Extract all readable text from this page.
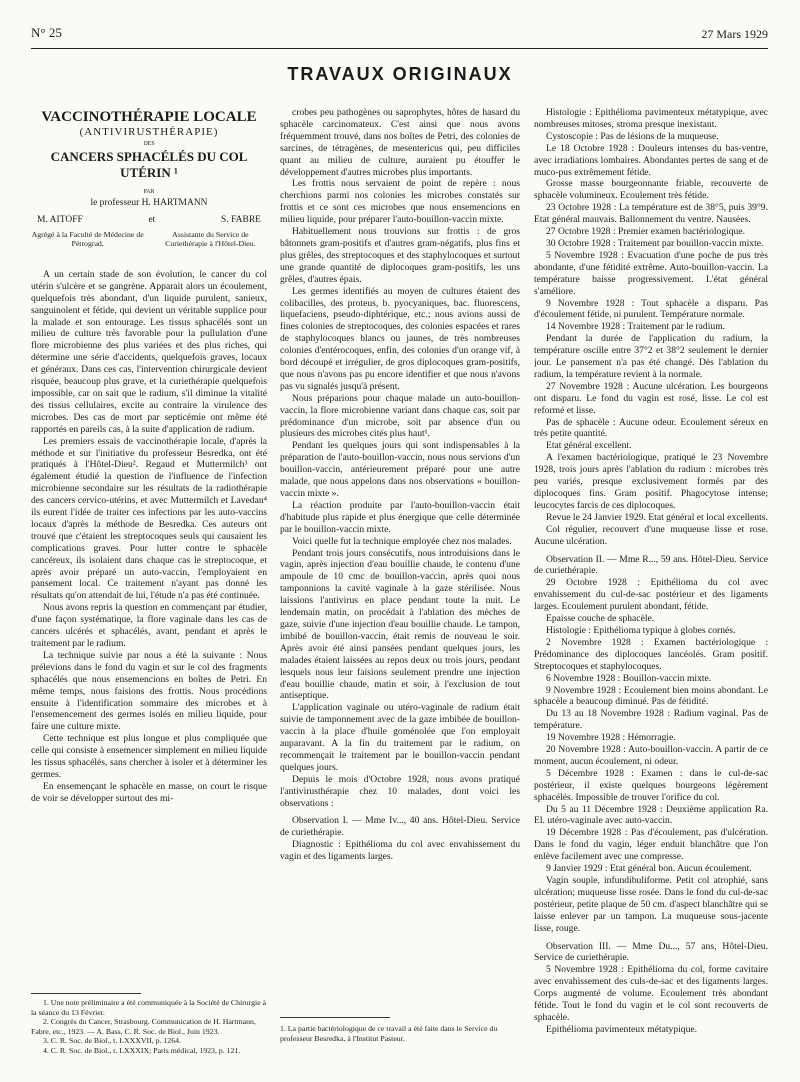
N° 25	27 Mars 1929
TRAVAUX ORIGINAUX
VACCINOTHÉRAPIE LOCALE
(ANTIVIRUSTHÉRAPIE)
DES
CANCERS SPHACÉLÉS DU COL UTÉRIN ¹
PAR
le professeur H. HARTMANN
M. AITOFF	et	S. FABRE
Agrégé à la Faculté de Médecine de Pétrograd,
Assistante du Service de Curiethérapie à l'Hôtel-Dieu.

A un certain stade de son évolution, le cancer du col utérin s'ulcère et se gangrène. Apparait alors un écoulement, quelquefois très abondant, d'un liquide purulent, sanieux, sanguinolent et fétide, qui devient un véritable supplice pour la malade et son entourage. Les tissus sphacélés sont un milieu de culture très favorable pour la pullulation d'une flore microbienne des plus variées et des plus riches, qui détermine une série d'accidents, quelquefois graves, locaux et généraux. Dans ces cas, l'intervention chirurgicale devient risquée, beaucoup plus grave, et la curiethérapie quelquefois impossible, car on sait que le radium, s'il diminue la vitalité des tissus cellulaires, excite au contraire la virulence des microbes. Des cas de mort par septicémie ont même été rapportés en pareils cas, à la suite d'application de radium.

Les premiers essais de vaccinothérapie locale, d'après la méthode et sur l'initiative du professeur Besredka, ont été pratiqués à l'Hôtel-Dieu². Regaud et Muttermilch³ ont également étudié la question de l'influence de l'infection microbienne secondaire sur les résultats de la radiothérapie des cancers cervico-utérins, et avec Muttermilch et Lavedan⁴ ils eurent l'idée de traiter ces infections par les auto-vaccins locaux d'après la méthode de Besredka. Ces auteurs ont trouvé que c'étaient les streptocoques seuls qui causaient les complications graves. Pour lutter contre le sphacèle cancéreux, ils isolaient dans chaque cas le streptocoque, et après avoir préparé un auto-vaccin, l'employaient en pansement local. Ce traitement n'ayant pas donné les résultats qu'on attendait de lui, l'étude n'a pas été continuée.

Nous avons repris la question en commençant par étudier, d'une façon systématique, la flore vaginale dans les cas de cancers ulcérés et sphacélés, avant, pendant et après le traitement par le radium.

La technique suivie par nous a été la suivante : Nous prélevions dans le fond du vagin et sur le col des fragments sphacélés que nous ensemencions en boîtes de Petri. En même temps, nous faisions des frottis. Nous procédions ensuite à l'identification sommaire des microbes et à l'ensemencement des germes isolés en milieu liquide, pour faire une culture mixte.

Cette technique est plus longue et plus compliquée que celle qui consiste à ensemencer simplement en milieu liquide les tissus sphacélés, sans chercher à isoler et à déterminer les germes.

En ensemençant le sphacèle en masse, on court le risque de voir se développer surtout des mi-

1. Une note préliminaire a été communiquée à la Société de Chirurgie à la séance du 13 Février.

2. Congrès du Cancer, Strasbourg. Communication de H. Hartmann, Fabre, etc., 1923. — A. Bass, C. R. Soc. de Biol., Juin 1923.

3. C. R. Soc. de Biol., t. LXXXVII, p. 1264.

4. C. R. Soc. de Biol., t. LXXXIX; Paris médical, 1923, p. 121.

crobes peu pathogènes ou saprophytes, hôtes de hasard du sphacèle carcinomateux. C'est ainsi que nous avons fréquemment trouvé, dans nos boîtes de Petri, des colonies de sarcines, de tétragènes, de mesentericus qui, peu difficiles quant au milieu de culture, auraient pu étouffer le développement d'autres microbes plus importants.

Les frottis nous servaient de point de repère : nous cherchions parmi nos colonies les microbes constatés sur frottis et ce sont ces microbes que nous ensemencions en milieu liquide, pour préparer l'auto-bouillon-vaccin mixte.

Habituellement nous trouvions sur frottis : de gros bâtonnets gram-positifs et d'autres gram-négatifs, plus fins et plus grêles, des streptocoques et des staphylocoques et surtout une grande quantité de diplocoques gram-positifs, les uns grêles, d'autres épais.

Les germes identifiés au moyen de cultures étaient des colibacilles, des proteus, b. pyocyaniques, bac. fluorescens, liquefaciens, pseudo-diphtérique, etc.; nous avions aussi de fines colonies de streptocoques, des colonies espacées et rares de staphylocoques blancs ou jaunes, de très nombreuses colonies d'entérocoques, enfin, des colonies d'un orange vif, à bord découpé et irrégulier, de gros diplocoques gram-positifs, que nous n'avons pas pu encore identifier et que nous n'avons pas vu signalés jusqu'à présent.

Nous préparions pour chaque malade un auto-bouillon-vaccin, la flore microbienne variant dans chaque cas, soit par prédominance d'un microbe, soit par absence d'un ou plusieurs des microbes cités plus haut¹.

Pendant les quelques jours qui sont indispensables à la préparation de l'auto-bouillon-vaccin, nous nous servions d'un bouillon-vaccin, antérieurement préparé pour une autre malade, que nous appelons dans nos observations « bouillon-vaccin mixte ».

La réaction produite par l'auto-bouillon-vaccin était d'habitude plus rapide et plus énergique que celle déterminée par le bouillon-vaccin mixte.

Voici quelle fut la technique employée chez nos malades.

Pendant trois jours consécutifs, nous introduisions dans le vagin, après injection d'eau bouillie chaude, le contenu d'une ampoule de 10 cmc de bouillon-vaccin, après quoi nous tamponnions la cavité vaginale à la gaze stérilisée. Nous laissions l'antivirus en place pendant toute la nuit. Le lendemain matin, on procédait à l'ablation des mèches de gaze, suivie d'une injection d'eau bouillie chaude. Le tampon, imbibé de bouillon-vaccin, était remis de nouveau le soir. Après avoir été ainsi pansées pendant quelques jours, les malades étaient laissées au repos deux ou trois jours, pendant lesquels nous leur faisions seulement prendre une injection d'eau bouillie chaude, matin et soir, à l'exclusion de tout antiseptique.

L'application vaginale ou utéro-vaginale de radium était suivie de tamponnement avec de la gaze imbibée de bouillon-vaccin à la place d'huile goménolée que l'on employait auparavant. A la fin du traitement par le radium, on recommençait le traitement par le bouillon-vaccin pendant quelques jours.

Depuis le mois d'Octobre 1928, nous avons pratiqué l'antivirusthérapie chez 10 malades, dont voici les observations :

Observation I. — Mme Iv..., 40 ans. Hôtel-Dieu. Service de curiethérapie.

Diagnostic : Epithélioma du col avec envahissement du vagin et des ligaments larges.

1. La partie bactériologique de ce travail a été faite dans le Service du professeur Besredka, à l'Institut Pasteur.

Histologie : Epithélioma pavimenteux métatypique, avec nombreuses mitoses, stroma presque inexistant.

Cystoscopie : Pas de lésions de la muqueuse.

Le 18 Octobre 1928 : Douleurs intenses du bas-ventre, avec irradiations lombaires. Abondantes pertes de sang et de muco-pus extrêmement fétide.

Grosse masse bourgeonnante friable, recouverte de sphacèle volumineux. Ecoulement très fétide.

23 Octobre 1928 : La température est de 38°5, puis 39°9. Etat général mauvais. Ballonnement du ventre. Nausées.

27 Octobre 1928 : Premier examen bactériologique.

30 Octobre 1928 : Traitement par bouillon-vaccin mixte.

5 Novembre 1928 : Evacuation d'une poche de pus très abondante, d'une fétidité extrême. Auto-bouillon-vaccin. La température baisse progressivement. L'état général s'améliore.

9 Novembre 1928 : Tout sphacèle a disparu. Pas d'écoulement fétide, ni purulent. Température normale.

14 Novembre 1928 : Traitement par le radium.

Pendant la durée de l'application du radium, la température oscille entre 37°2 et 38°2 seulement le dernier jour. Le pansement n'a pas été changé. Dès l'ablation du radium, la température revient à la normale.

27 Novembre 1928 : Aucune ulcération. Les bourgeons ont disparu. Le fond du vagin est rosé, lisse. Le col est reformé et lisse.

Pas de sphacèle : Aucune odeur. Ecoulement séreux en très petite quantité.

Etat général excellent.

A l'examen bactériologique, pratiqué le 23 Novembre 1928, trois jours après l'ablation du radium : microbes très peu variés, presque exclusivement formés par des diplocoques fins. Gram positif. Phagocytose intense; leucocytes farcis de ces diplocoques.

Revue le 24 Janvier 1929. Etat général et local excellents.

Col régulier, recouvert d'une muqueuse lisse et rose. Aucune ulcération.

Observation II. — Mme R..., 59 ans. Hôtel-Dieu. Service de curiethérapie.

29 Octobre 1928 : Epithélioma du col avec envahissement du cul-de-sac postérieur et des ligaments larges. Ecoulement purulent abondant, fétide.

Epaisse couche de sphacèle.

Histologie : Epithélioma typique à globes cornés.

2 Novembre 1928 : Examen bactériologique : Prédominance des diplocoques lancéolés. Gram positif. Streptocoques et staphylocoques.

6 Novembre 1928 : Bouillon-vaccin mixte.

9 Novembre 1928 : Ecoulement bien moins abondant. Le sphacèle a beaucoup diminué. Pas de fétidité.

Du 13 au 18 Novembre 1928 : Radium vaginal. Pas de température.

19 Novembre 1928 : Hémorragie.

20 Novembre 1928 : Auto-bouillon-vaccin. A partir de ce moment, aucun écoulement, ni odeur.

5 Décembre 1928 : Examen : dans le cul-de-sac postérieur, il existe quelques bourgeons légèrement sphacélés. Impossible de trouver l'orifice du col.

Du 5 au 11 Décembre 1928 : Deuxième application Ra. El. utéro-vaginale avec auto-vaccin.

19 Décembre 1928 : Pas d'écoulement, pas d'ulcération. Dans le fond du vagin, léger enduit blanchâtre que l'on enlève facilement avec une compresse.

9 Janvier 1929 : Etat général bon. Aucun écoulement.

Vagin souple, infundibuliforme. Petit col atrophié, sans ulcération; muqueuse lisse rosée. Dans le fond du cul-de-sac postérieur, petite plaque de 50 cm. d'aspect blanchâtre qui se laisse enlever par un tampon. La muqueuse sous-jacente lisse, rouge.

Observation III. — Mme Du..., 57 ans, Hôtel-Dieu. Service de curiethérapie.

5 Novembre 1928 : Epithélioma du col, forme cavitaire avec envahissement des culs-de-sac et des ligaments larges. Corps augmenté de volume. Ecoulement très abondant fétide. Tout le fond du vagin et le col sont recouverts de sphacèle.

Epithélioma pavimenteux métatypique.
